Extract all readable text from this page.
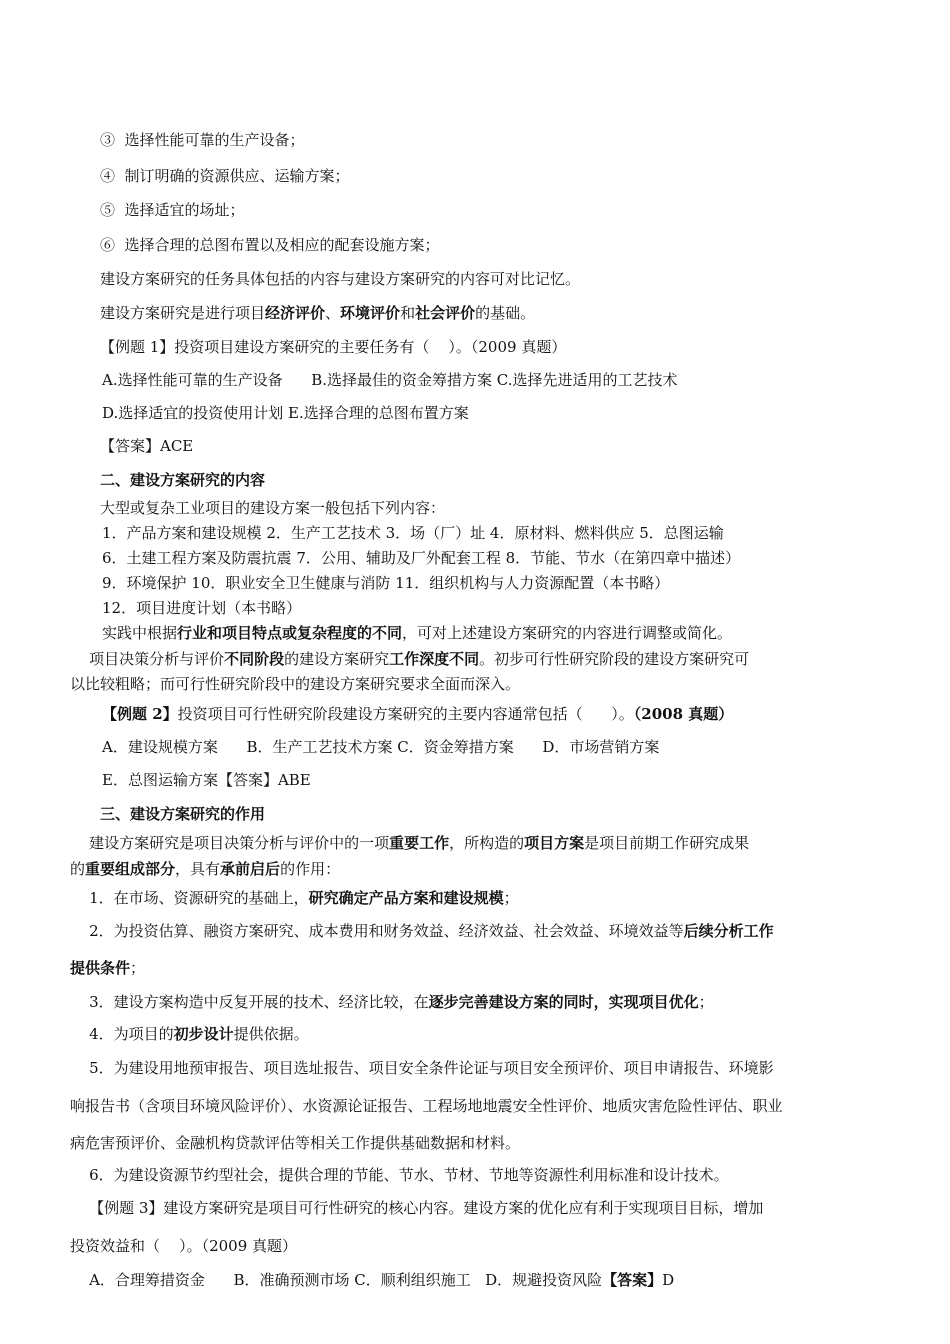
③  选择性能可靠的生产设备；
④  制订明确的资源供应、运输方案；
⑤  选择适宜的场址；
⑥  选择合理的总图布置以及相应的配套设施方案；
建设方案研究的任务具体包括的内容与建设方案研究的内容可对比记忆。
建设方案研究是进行项目经济评价、环境评价和社会评价的基础。
【例题 1】投资项目建设方案研究的主要任务有（    ）。（2009 真题）
A.选择性能可靠的生产设备      B.选择最佳的资金筹措方案 C.选择先进适用的工艺技术
D.选择适宜的投资使用计划 E.选择合理的总图布置方案
【答案】ACE
二、建设方案研究的内容
大型或复杂工业项目的建设方案一般包括下列内容：
1．产品方案和建设规模 2．生产工艺技术 3．场（厂）址 4．原材料、燃料供应 5．总图运输
6．土建工程方案及防震抗震 7．公用、辅助及厂外配套工程 8．节能、节水（在第四章中描述）
9．环境保护 10．职业安全卫生健康与消防 11．组织机构与人力资源配置（本书略）
12．项目进度计划（本书略）
实践中根据行业和项目特点或复杂程度的不同，可对上述建设方案研究的内容进行调整或简化。
项目决策分析与评价不同阶段的建设方案研究工作深度不同。初步可行性研究阶段的建设方案研究可
以比较粗略；而可行性研究阶段中的建设方案研究要求全面而深入。
【例题 2】投资项目可行性研究阶段建设方案研究的主要内容通常包括（      ）。（2008 真题）
A．建设规模方案      B．生产工艺技术方案 C．资金筹措方案      D．市场营销方案
E．总图运输方案【答案】ABE
三、建设方案研究的作用
建设方案研究是项目决策分析与评价中的一项重要工作，所构造的项目方案是项目前期工作研究成果
的重要组成部分，具有承前启后的作用：
1．在市场、资源研究的基础上，研究确定产品方案和建设规模；
2．为投资估算、融资方案研究、成本费用和财务效益、经济效益、社会效益、环境效益等后续分析工作
提供条件；
3．建设方案构造中反复开展的技术、经济比较，在逐步完善建设方案的同时，实现项目优化；
4．为项目的初步设计提供依据。
5．为建设用地预审报告、项目选址报告、项目安全条件论证与项目安全预评价、项目申请报告、环境影
响报告书（含项目环境风险评价）、水资源论证报告、工程场地地震安全性评价、地质灾害危险性评估、职业
病危害预评价、金融机构贷款评估等相关工作提供基础数据和材料。
6．为建设资源节约型社会，提供合理的节能、节水、节材、节地等资源性利用标准和设计技术。
【例题 3】建设方案研究是项目可行性研究的核心内容。建设方案的优化应有利于实现项目目标，增加
投资效益和（    ）。（2009 真题）
A．合理筹措资金      B．准确预测市场 C．顺利组织施工   D．规避投资风险【答案】D
